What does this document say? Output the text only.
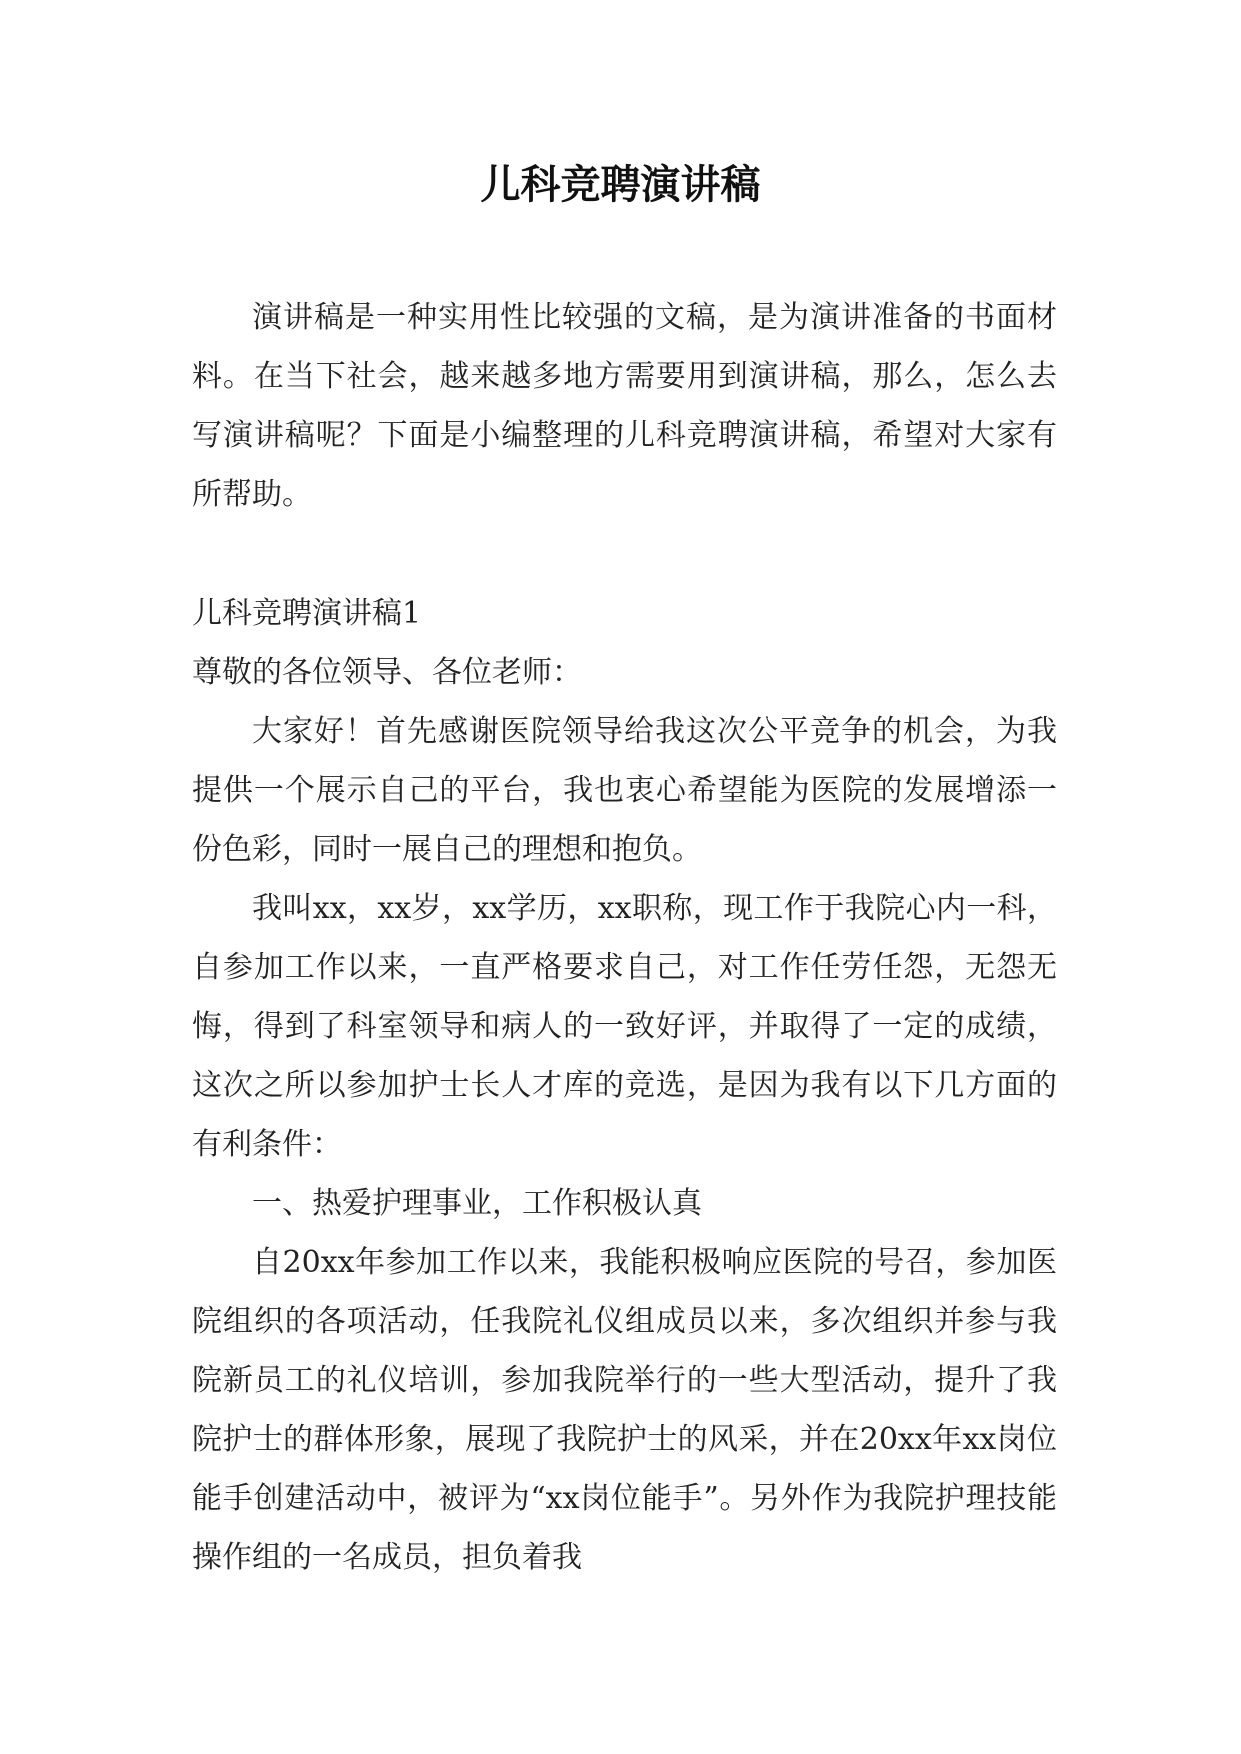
儿科竞聘演讲稿

演讲稿是一种实用性比较强的文稿，是为演讲准备的书面材料。在当下社会，越来越多地方需要用到演讲稿，那么，怎么去写演讲稿呢？下面是小编整理的儿科竞聘演讲稿，希望对大家有所帮助。

儿科竞聘演讲稿1

尊敬的各位领导、各位老师：

大家好！首先感谢医院领导给我这次公平竞争的机会，为我提供一个展示自己的平台，我也衷心希望能为医院的发展增添一份色彩，同时一展自己的理想和抱负。

我叫xx，xx岁，xx学历，xx职称，现工作于我院心内一科，自参加工作以来，一直严格要求自己，对工作任劳任怨，无怨无悔，得到了科室领导和病人的一致好评，并取得了一定的成绩，这次之所以参加护士长人才库的竞选，是因为我有以下几方面的有利条件：

一、热爱护理事业，工作积极认真

自20xx年参加工作以来，我能积极响应医院的号召，参加医院组织的各项活动，任我院礼仪组成员以来，多次组织并参与我院新员工的礼仪培训，参加我院举行的一些大型活动，提升了我院护士的群体形象，展现了我院护士的风采，并在20xx年xx岗位能手创建活动中，被评为“xx岗位能手”。另外作为我院护理技能操作组的一名成员，担负着我
